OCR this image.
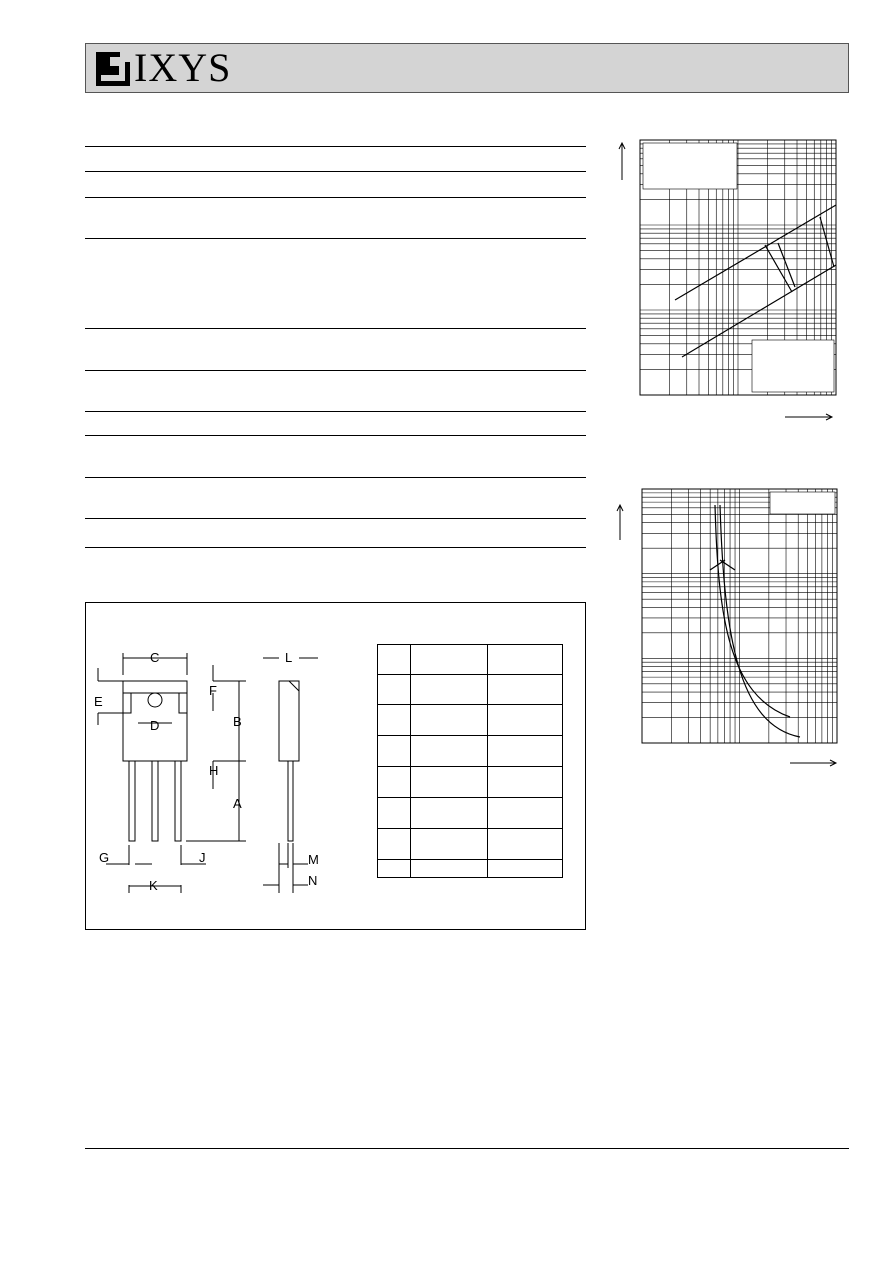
IXYS
C	L
E
F
B
D
H
A
G	J	M
K	N
